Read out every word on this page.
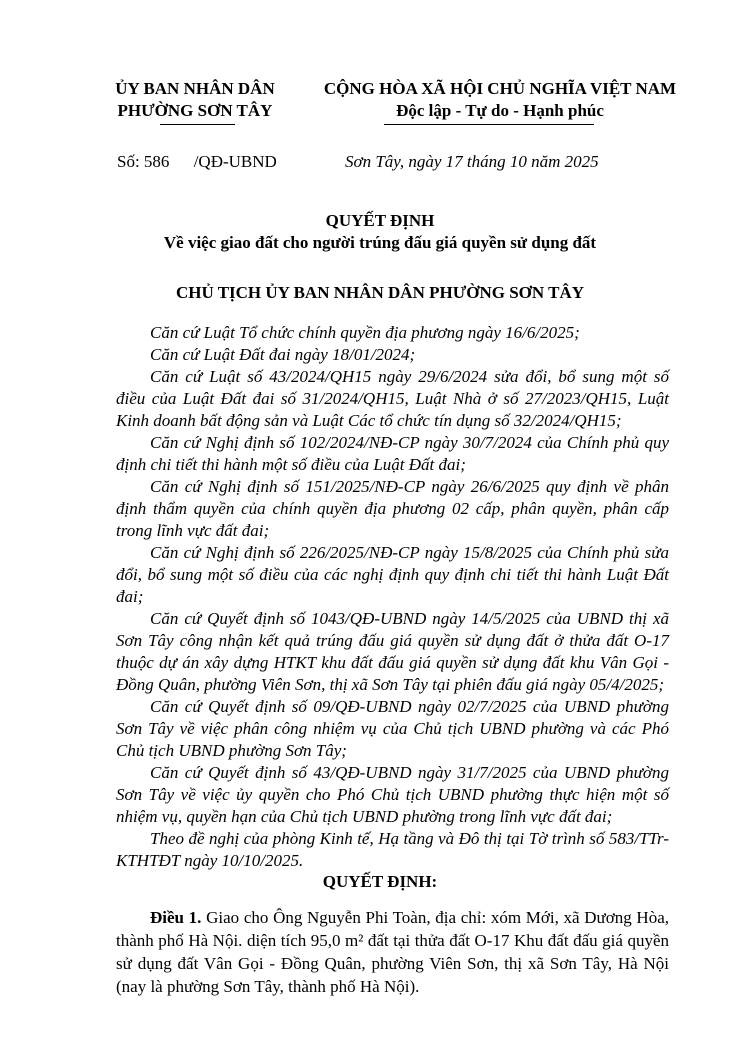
ỦY BAN NHÂN DÂN
PHƯỜNG SƠN TÂY
CỘNG HÒA XÃ HỘI CHỦ NGHĨA VIỆT NAM
Độc lập - Tự do - Hạnh phúc
Số: 586 /QĐ-UBND	Sơn Tây, ngày 17 tháng 10 năm 2025
QUYẾT ĐỊNH
Về việc giao đất cho người trúng đấu giá quyền sử dụng đất
CHỦ TỊCH ỦY BAN NHÂN DÂN PHƯỜNG SƠN TÂY

Căn cứ Luật Tổ chức chính quyền địa phương ngày 16/6/2025;

Căn cứ Luật Đất đai ngày 18/01/2024;

Căn cứ Luật số 43/2024/QH15 ngày 29/6/2024 sửa đổi, bổ sung một số điều của Luật Đất đai số 31/2024/QH15, Luật Nhà ở số 27/2023/QH15, Luật Kinh doanh bất động sản và Luật Các tổ chức tín dụng số 32/2024/QH15;

Căn cứ Nghị định số 102/2024/NĐ-CP ngày 30/7/2024 của Chính phủ quy định chi tiết thi hành một số điều của Luật Đất đai;

Căn cứ Nghị định số 151/2025/NĐ-CP ngày 26/6/2025 quy định về phân định thẩm quyền của chính quyền địa phương 02 cấp, phân quyền, phân cấp trong lĩnh vực đất đai;

Căn cứ Nghị định số 226/2025/NĐ-CP ngày 15/8/2025 của Chính phủ sửa đổi, bổ sung một số điều của các nghị định quy định chi tiết thi hành Luật Đất đai;

Căn cứ Quyết định số 1043/QĐ-UBND ngày 14/5/2025 của UBND thị xã Sơn Tây công nhận kết quả trúng đấu giá quyền sử dụng đất ở thửa đất O-17 thuộc dự án xây dựng HTKT khu đất đấu giá quyền sử dụng đất khu Vân Gọi - Đồng Quân, phường Viên Sơn, thị xã Sơn Tây tại phiên đấu giá ngày 05/4/2025;

Căn cứ Quyết định số 09/QĐ-UBND ngày 02/7/2025 của UBND phường Sơn Tây về việc phân công nhiệm vụ của Chủ tịch UBND phường và các Phó Chủ tịch UBND phường Sơn Tây;

Căn cứ Quyết định số 43/QĐ-UBND ngày 31/7/2025 của UBND phường Sơn Tây về việc ủy quyền cho Phó Chủ tịch UBND phường thực hiện một số nhiệm vụ, quyền hạn của Chủ tịch UBND phường trong lĩnh vực đất đai;

Theo đề nghị của phòng Kinh tế, Hạ tầng và Đô thị tại Tờ trình số 583/TTr-KTHTĐT ngày 10/10/2025.

QUYẾT ĐỊNH:

Điều 1. Giao cho Ông Nguyễn Phi Toàn, địa chỉ: xóm Mới, xã Dương Hòa, thành phố Hà Nội. diện tích 95,0 m² đất tại thửa đất O-17 Khu đất đấu giá quyền sử dụng đất Vân Gọi - Đồng Quân, phường Viên Sơn, thị xã Sơn Tây, Hà Nội (nay là phường Sơn Tây, thành phố Hà Nội).
